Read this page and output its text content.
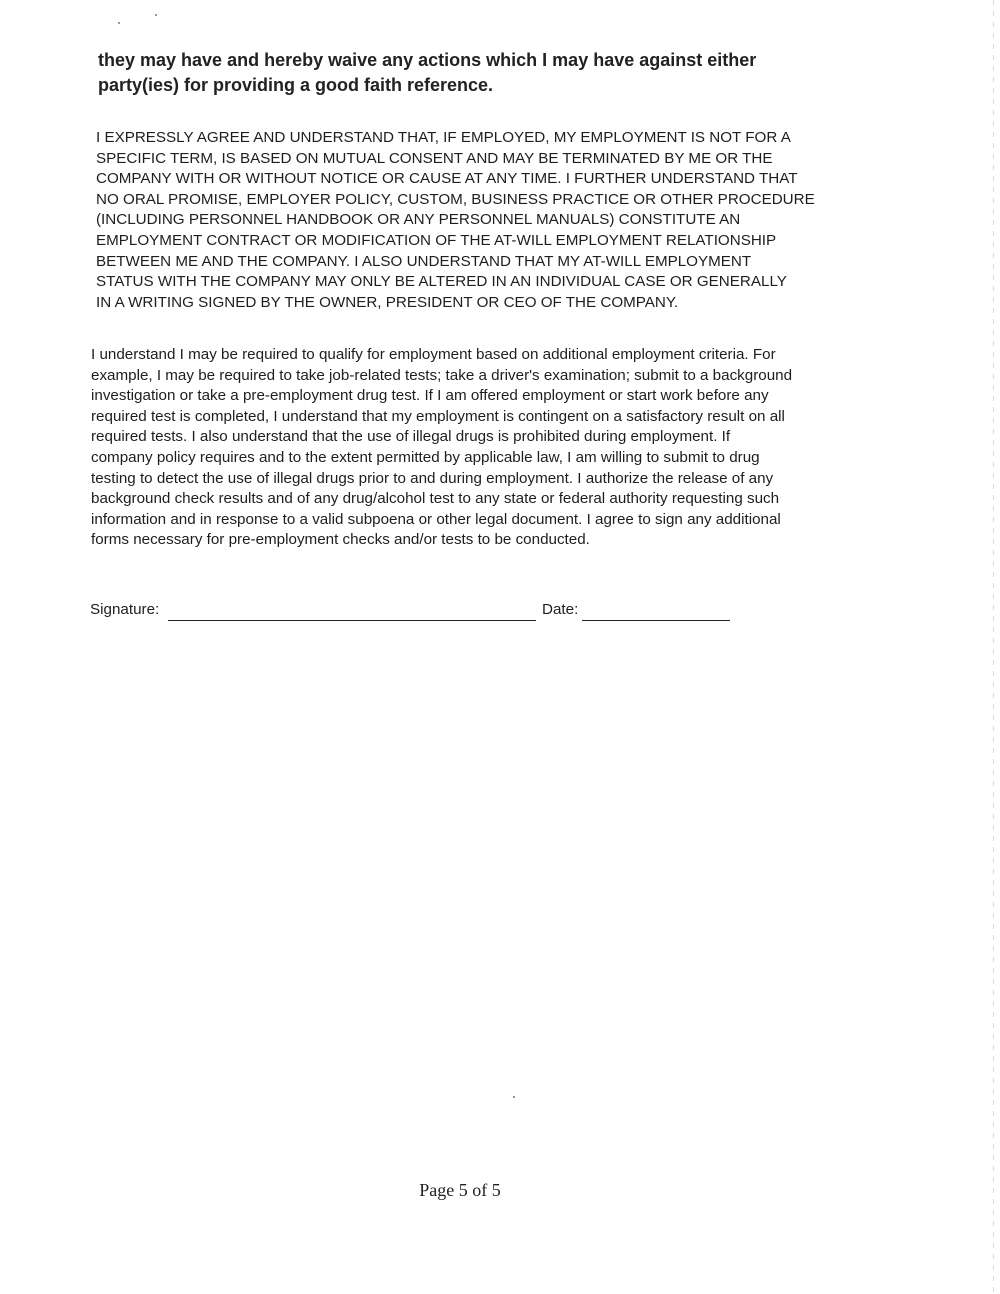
they may have and hereby waive any actions which I may have against either
party(ies) for providing a good faith reference.

I EXPRESSLY AGREE AND UNDERSTAND THAT, IF EMPLOYED, MY EMPLOYMENT IS NOT FOR A
SPECIFIC TERM, IS BASED ON MUTUAL CONSENT AND MAY BE TERMINATED BY ME OR THE
COMPANY WITH OR WITHOUT NOTICE OR CAUSE AT ANY TIME. I FURTHER UNDERSTAND THAT
NO ORAL PROMISE, EMPLOYER POLICY, CUSTOM, BUSINESS PRACTICE OR OTHER PROCEDURE
(INCLUDING PERSONNEL HANDBOOK OR ANY PERSONNEL MANUALS) CONSTITUTE AN
EMPLOYMENT CONTRACT OR MODIFICATION OF THE AT-WILL EMPLOYMENT RELATIONSHIP
BETWEEN ME AND THE COMPANY. I ALSO UNDERSTAND THAT MY AT-WILL EMPLOYMENT
STATUS WITH THE COMPANY MAY ONLY BE ALTERED IN AN INDIVIDUAL CASE OR GENERALLY
IN A WRITING SIGNED BY THE OWNER, PRESIDENT OR CEO OF THE COMPANY.

I understand I may be required to qualify for employment based on additional employment criteria. For
example, I may be required to take job-related tests; take a driver's examination; submit to a background
investigation or take a pre-employment drug test. If I am offered employment or start work before any
required test is completed, I understand that my employment is contingent on a satisfactory result on all
required tests. I also understand that the use of illegal drugs is prohibited during employment. If
company policy requires and to the extent permitted by applicable law, I am willing to submit to drug
testing to detect the use of illegal drugs prior to and during employment. I authorize the release of any
background check results and of any drug/alcohol test to any state or federal authority requesting such
information and in response to a valid subpoena or other legal document. I agree to sign any additional
forms necessary for pre-employment checks and/or tests to be conducted.

Signature:	Date:
Page 5 of 5
